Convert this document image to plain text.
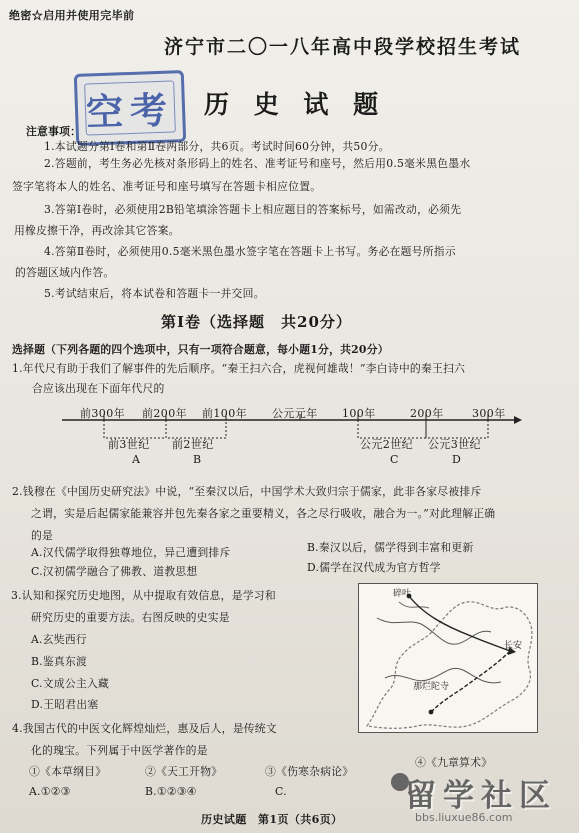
绝密☆启用并使用完毕前
济宁市二〇一八年高中段学校招生考试
空考 历 史 试 题
注意事项：
1.本试题分第Ⅰ卷和第Ⅱ卷两部分，共6页。考试时间60分钟，共50分。
2.答题前，考生务必先核对条形码上的姓名、准考证号和座号，然后用0.5毫米黑色墨水
签字笔将本人的姓名、准考证号和座号填写在答题卡相应位置。
3.答第Ⅰ卷时，必须使用2B铅笔填涂答题卡上相应题目的答案标号，如需改动，必须先
用橡皮擦干净，再改涂其它答案。
4.答第Ⅱ卷时，必须使用0.5毫米黑色墨水签字笔在答题卡上书写。务必在题号所指示
的答题区域内作答。
5.考试结束后，将本试卷和答题卡一并交回。
第Ⅰ卷（选择题　共20分）
选择题（下列各题的四个选项中，只有一项符合题意，每小题1分，共20分）
1.年代尺有助于我们了解事件的先后顺序。“秦王扫六合，虎视何雄哉！”李白诗中的秦王扫六
合应该出现在下面年代尺的
前300年 前200年 前100年 公元元年 100年	200年	300年
前3世纪 前2世纪	公元2世纪 公元3世纪
A	B	C	D
2.钱穆在《中国历史研究法》中说，“至秦汉以后，中国学术大致归宗于儒家，此非各家尽被排斥
之谓，实是后起儒家能兼容并包先秦各家之重要精义，各之尽行吸收，融合为一。”对此理解正确
的是
A.汉代儒学取得独尊地位，异己遭到排斥	B.秦汉以后，儒学得到丰富和更新
C.汉初儒学融合了佛教、道教思想	D.儒学在汉代成为官方哲学
3.认知和探究历史地图，从中提取有效信息，是学习和
研究历史的重要方法。右图反映的史实是
A.玄奘西行
B.鉴真东渡
C.文成公主入藏
D.王昭君出塞
碎叶
长安
那烂陀寺
4.我国古代的中医文化辉煌灿烂，惠及后人，是传统文
化的瑰宝。下列属于中医学著作的是
①《本草纲目》	②《天工开物》	③《伤寒杂病论》
④《九章算术》
A.①②③	B.①②③④	C.
历史试题　第1页（共6页）
留学社区
bbs.liuxue86.com
